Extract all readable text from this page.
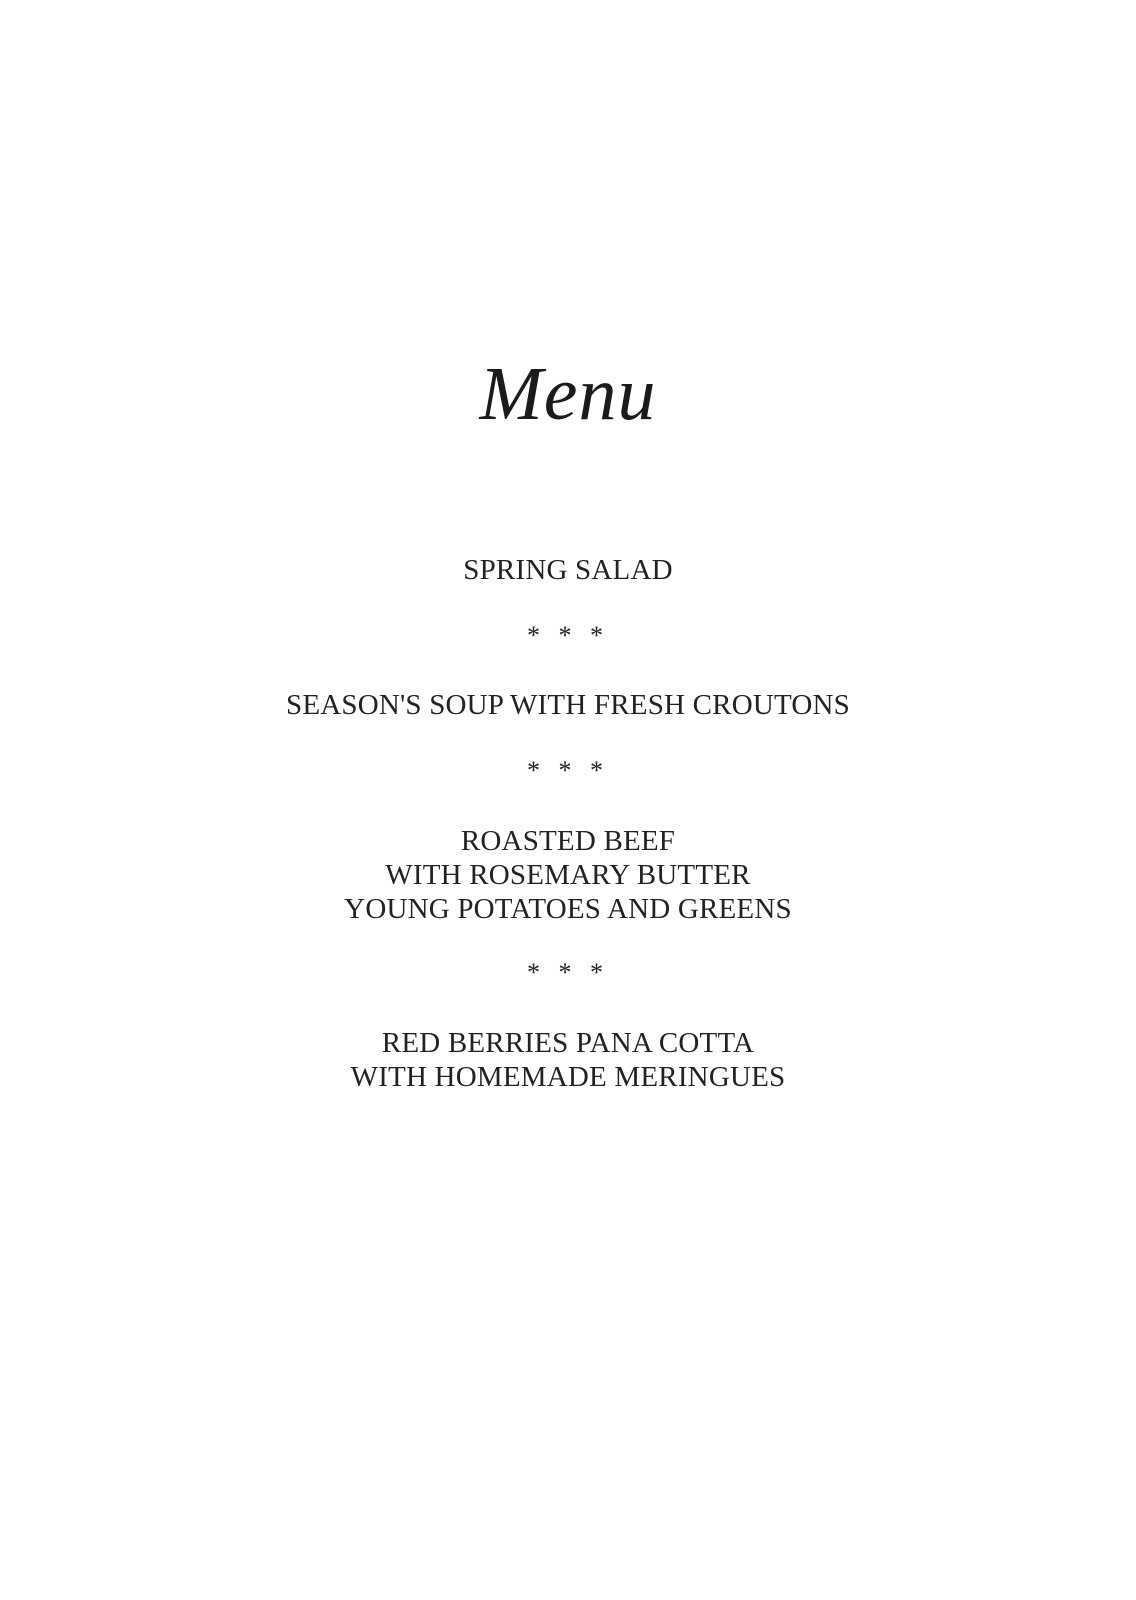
Menu
SPRING SALAD
* * *
SEASON'S SOUP WITH FRESH CROUTONS
* * *
ROASTED BEEF
WITH ROSEMARY BUTTER
YOUNG POTATOES AND GREENS
* * *
RED BERRIES PANA COTTA
WITH HOMEMADE MERINGUES
